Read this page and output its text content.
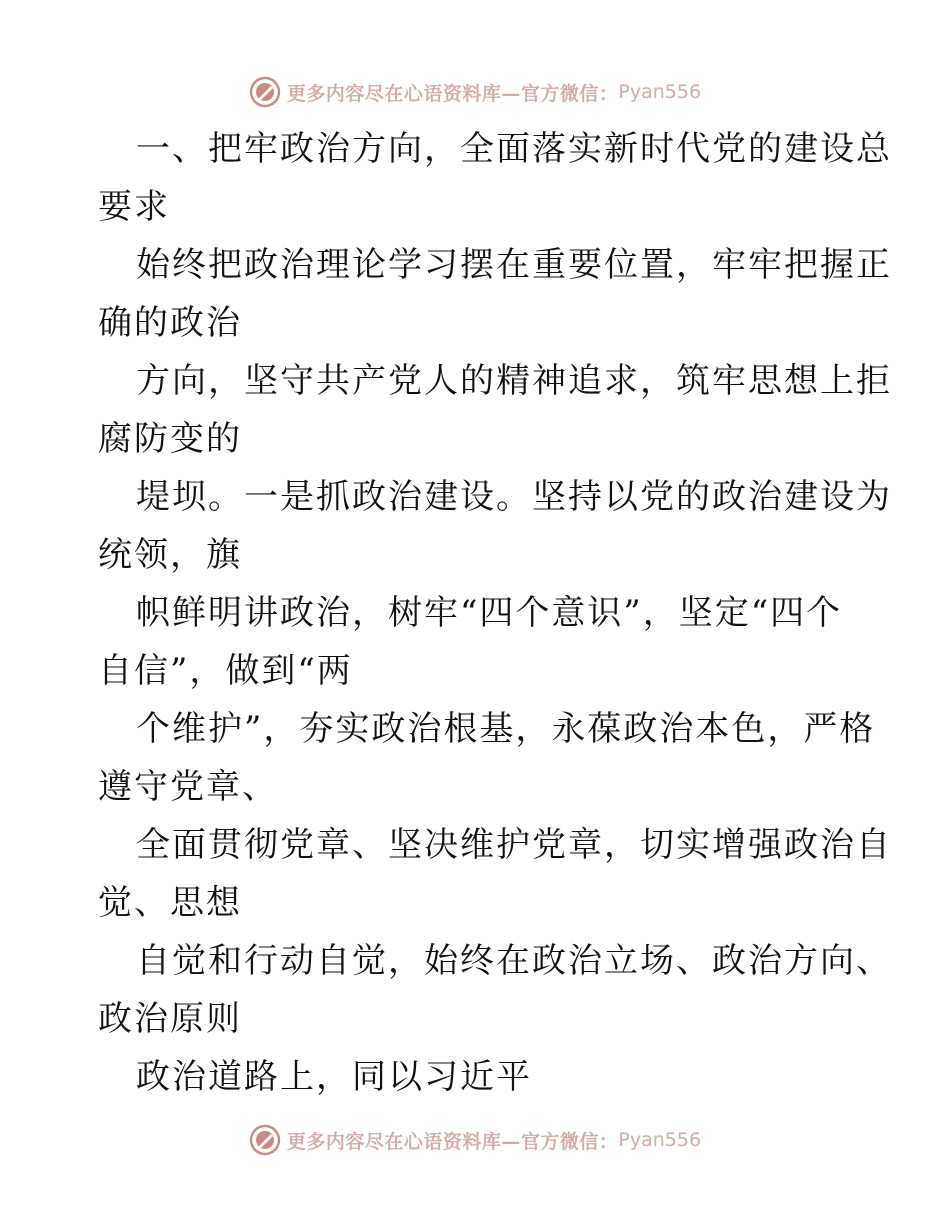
更多内容尽在心语资料库—官方微信： Pyan556
一、把牢政治方向，全面落实新时代党的建设总
要求
始终把政治理论学习摆在重要位置，牢牢把握正
确的政治
方向，坚守共产党人的精神追求，筑牢思想上拒
腐防变的
堤坝。一是抓政治建设。坚持以党的政治建设为
统领，旗
帜鲜明讲政治，树牢“四个意识”，坚定“四个
自信”，做到“两
个维护”，夯实政治根基，永葆政治本色，严格
遵守党章、
全面贯彻党章、坚决维护党章，切实增强政治自
觉、思想
自觉和行动自觉，始终在政治立场、政治方向、
政治原则
政治道路上，同以习近平
更多内容尽在心语资料库—官方微信： Pyan556
